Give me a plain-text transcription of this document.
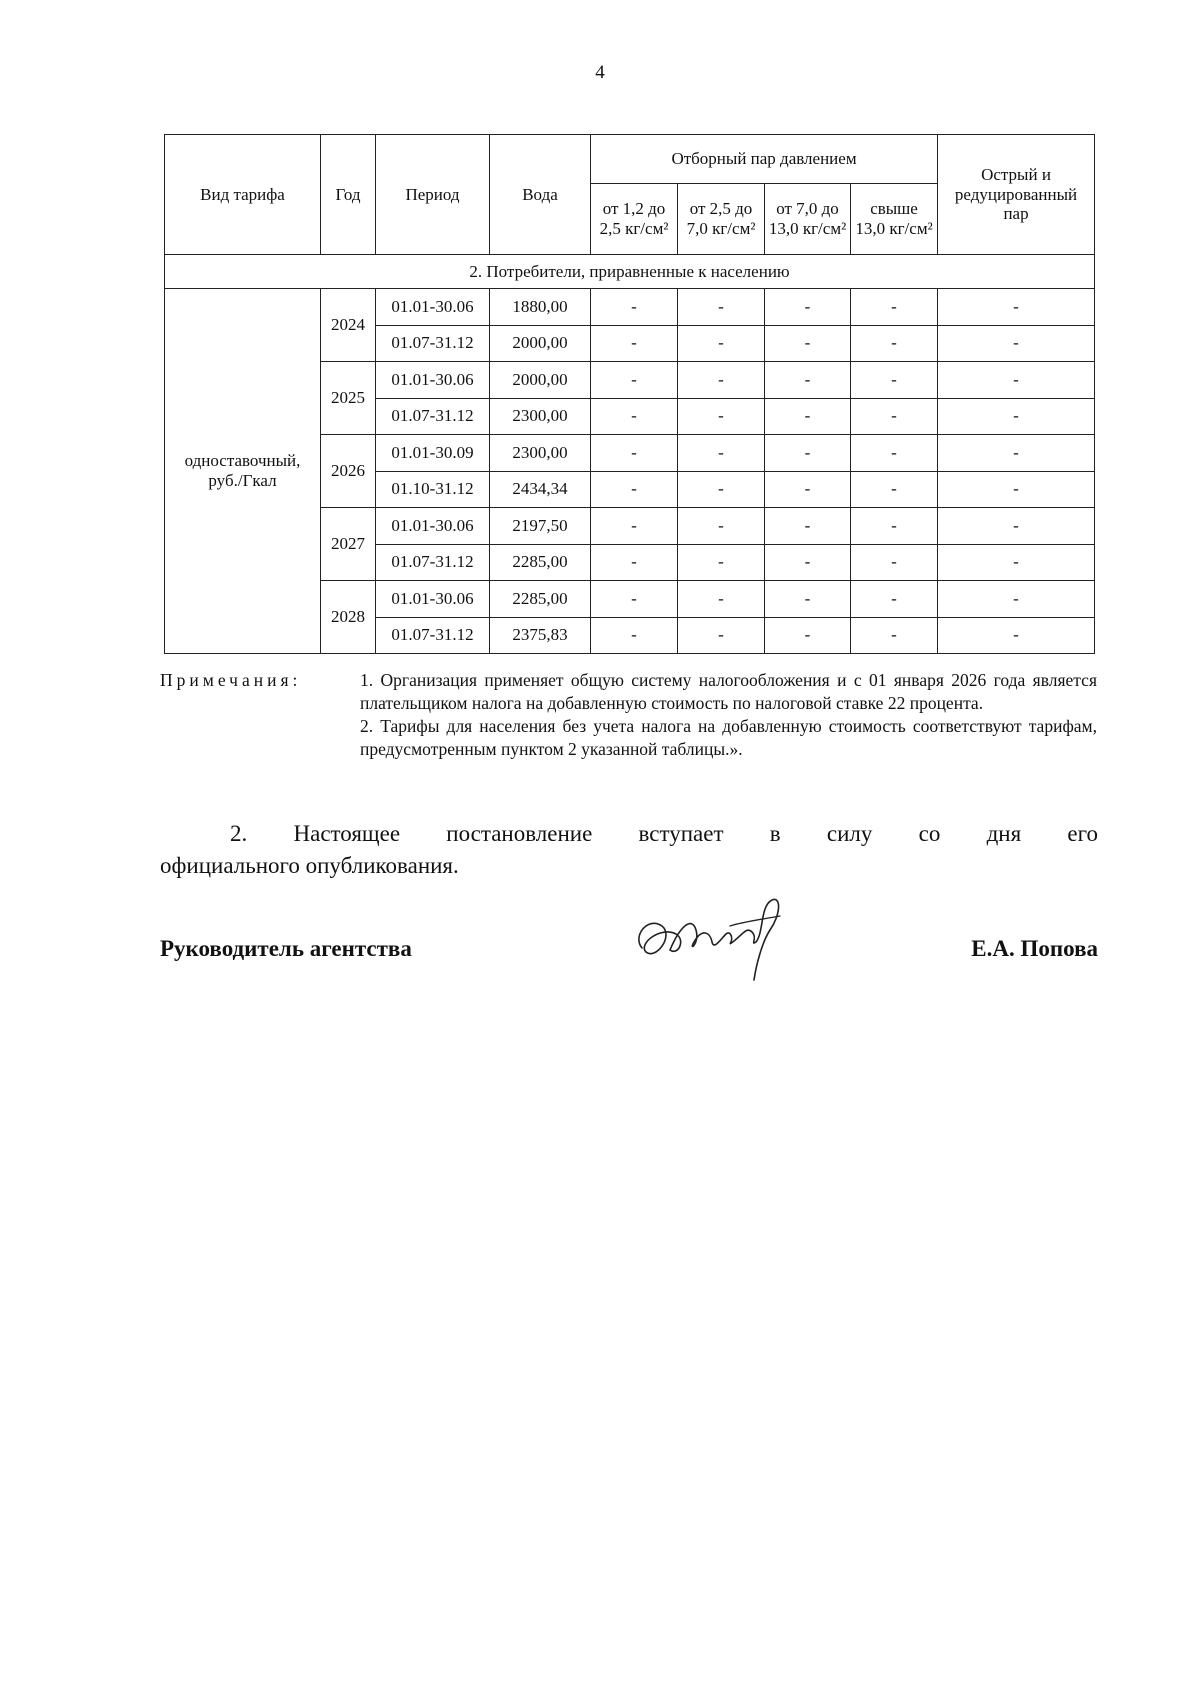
4
Вид тарифа	Год	Период	Вода	Отборный пар давлением				Острый и редуцированный пар
				от 1,2 до 2,5 кг/см²	от 2,5 до 7,0 кг/см²	от 7,0 до 13,0 кг/см²	свыше 13,0 кг/см²	
2. Потребители, приравненные к населению								
одноставочный, руб./Гкал	2024	01.01-30.06	1880,00	-	-	-	-	-
		01.07-31.12	2000,00	-	-	-	-	-
	2025	01.01-30.06	2000,00	-	-	-	-	-
		01.07-31.12	2300,00	-	-	-	-	-
	2026	01.01-30.09	2300,00	-	-	-	-	-
		01.10-31.12	2434,34	-	-	-	-	-
	2027	01.01-30.06	2197,50	-	-	-	-	-
		01.07-31.12	2285,00	-	-	-	-	-
	2028	01.01-30.06	2285,00	-	-	-	-	-
		01.07-31.12	2375,83	-	-	-	-	-
Примечания:	1. Организация применяет общую систему налогообложения и с 01 января 2026 года является плательщиком налога на добавленную стоимость по налоговой ставке 22 процента.

2. Тарифы для населения без учета налога на добавленную стоимость соответствуют тарифам, предусмотренным пунктом 2 указанной таблицы.».

2. Настоящее постановление вступает в силу со дня его
официального опубликования.
Руководитель агентства	Е.А. Попова
